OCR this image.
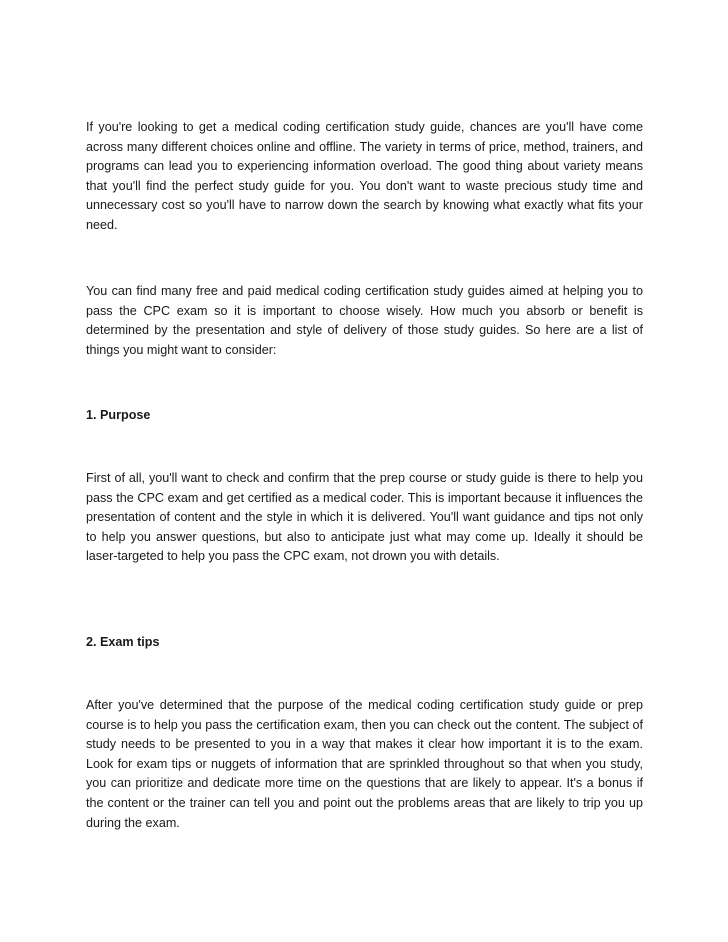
If you're looking to get a medical coding certification study guide, chances are you'll have come across many different choices online and offline. The variety in terms of price, method, trainers, and programs can lead you to experiencing information overload. The good thing about variety means that you'll find the perfect study guide for you. You don't want to waste precious study time and unnecessary cost so you'll have to narrow down the search by knowing what exactly what fits your need.

You can find many free and paid medical coding certification study guides aimed at helping you to pass the CPC exam so it is important to choose wisely. How much you absorb or benefit is determined by the presentation and style of delivery of those study guides. So here are a list of things you might want to consider:

1. Purpose

First of all, you'll want to check and confirm that the prep course or study guide is there to help you pass the CPC exam and get certified as a medical coder. This is important because it influences the presentation of content and the style in which it is delivered. You'll want guidance and tips not only to help you answer questions, but also to anticipate just what may come up. Ideally it should be laser-targeted to help you pass the CPC exam, not drown you with details.

2. Exam tips

After you've determined that the purpose of the medical coding certification study guide or prep course is to help you pass the certification exam, then you can check out the content. The subject of study needs to be presented to you in a way that makes it clear how important it is to the exam. Look for exam tips or nuggets of information that are sprinkled throughout so that when you study, you can prioritize and dedicate more time on the questions that are likely to appear. It's a bonus if the content or the trainer can tell you and point out the problems areas that are likely to trip you up during the exam.
